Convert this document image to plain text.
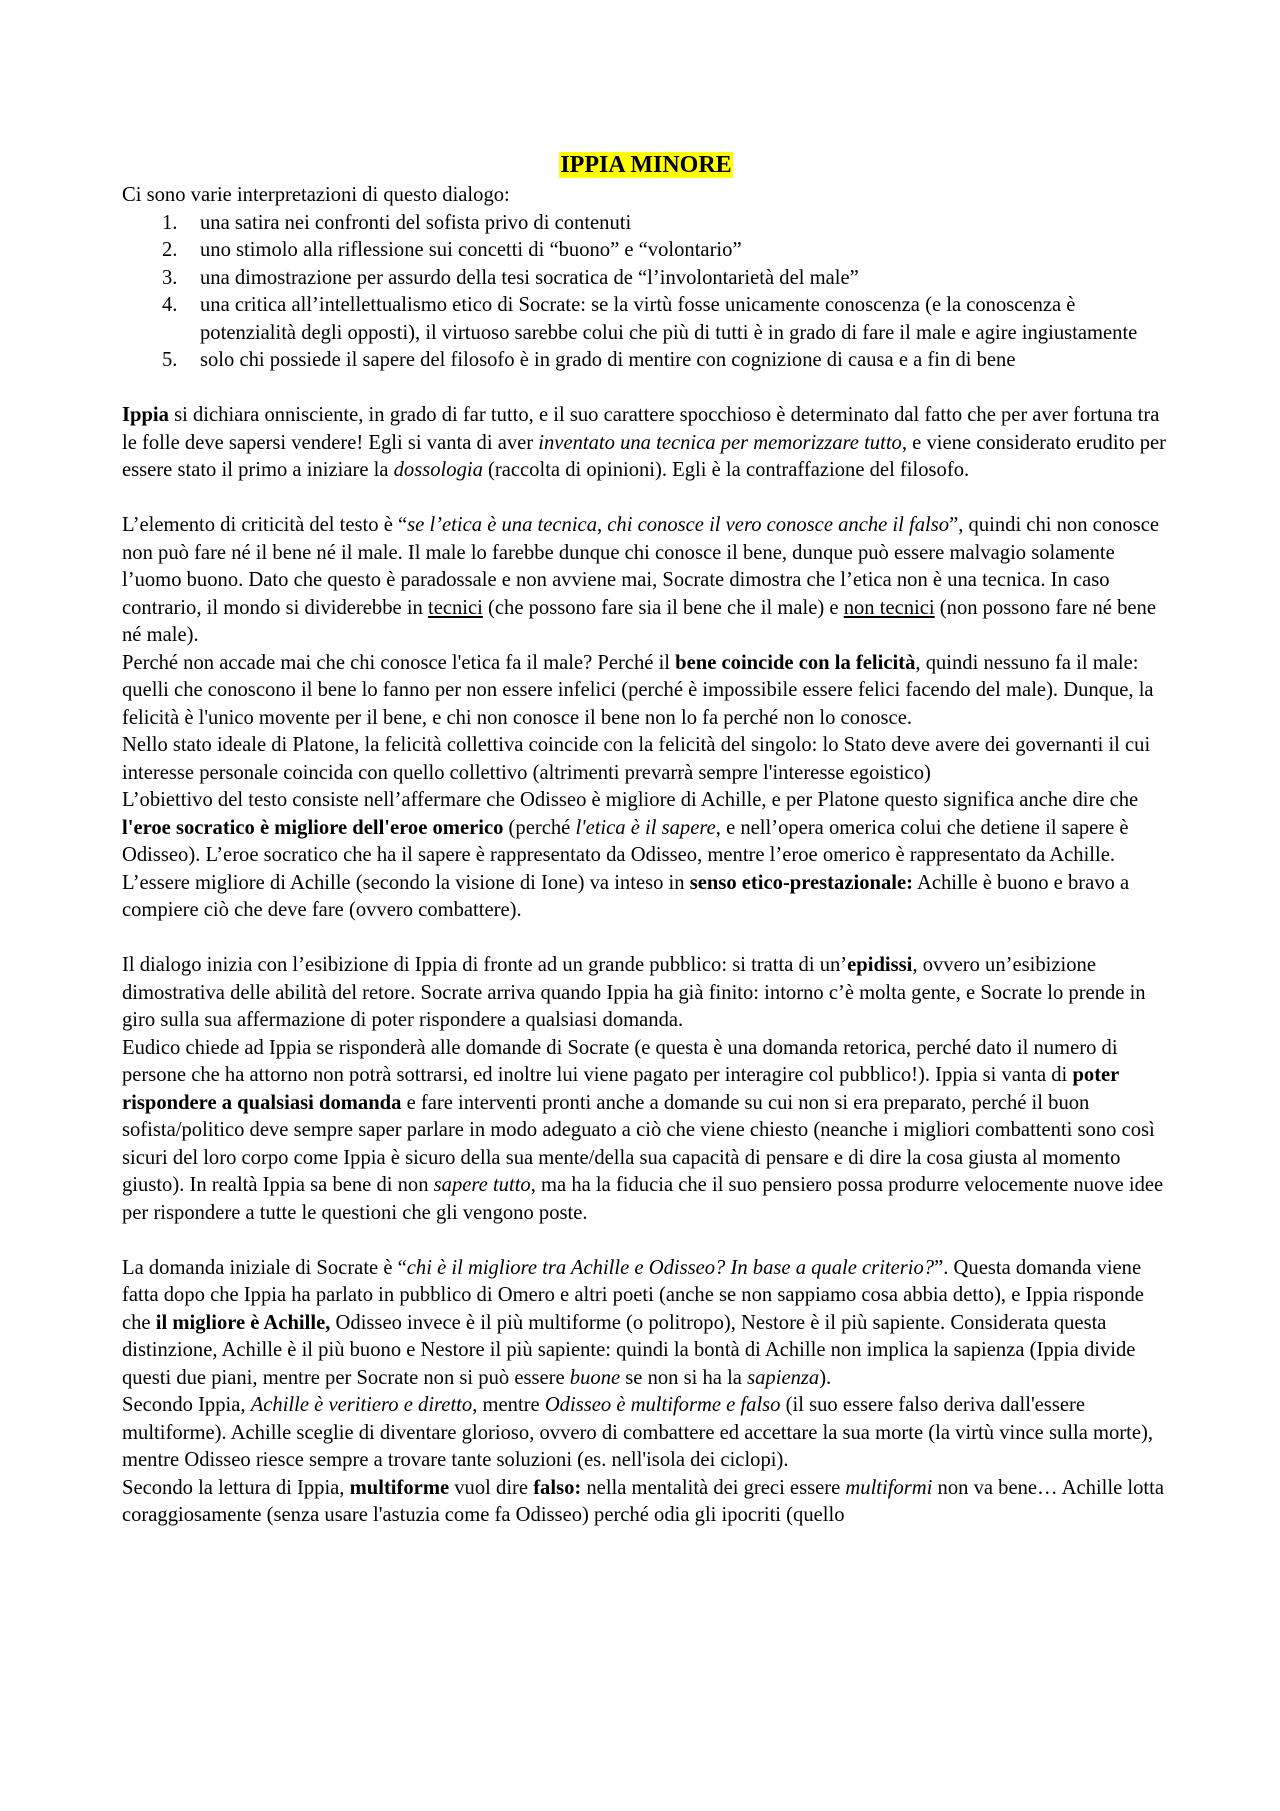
IPPIA MINORE

Ci sono varie interpretazioni di questo dialogo:

1. una satira nei confronti del sofista privo di contenuti
2. uno stimolo alla riflessione sui concetti di “buono” e “volontario”
3. una dimostrazione per assurdo della tesi socratica de “l’involontarietà del male”
4. una critica all’intellettualismo etico di Socrate: se la virtù fosse unicamente conoscenza (e la conoscenza è potenzialità degli opposti), il virtuoso sarebbe colui che più di tutti è in grado di fare il male e agire ingiustamente
5. solo chi possiede il sapere del filosofo è in grado di mentire con cognizione di causa e a fin di bene

Ippia si dichiara onnisciente, in grado di far tutto, e il suo carattere spocchioso è determinato dal fatto che per aver fortuna tra le folle deve sapersi vendere! Egli si vanta di aver inventato una tecnica per memorizzare tutto, e viene considerato erudito per essere stato il primo a iniziare la dossologia (raccolta di opinioni). Egli è la contraffazione del filosofo.

L’elemento di criticità del testo è “se l’etica è una tecnica, chi conosce il vero conosce anche il falso”, quindi chi non conosce non può fare né il bene né il male. Il male lo farebbe dunque chi conosce il bene, dunque può essere malvagio solamente l’uomo buono. Dato che questo è paradossale e non avviene mai, Socrate dimostra che l’etica non è una tecnica. In caso contrario, il mondo si dividerebbe in tecnici (che possono fare sia il bene che il male) e non tecnici (non possono fare né bene né male).

Perché non accade mai che chi conosce l'etica fa il male? Perché il bene coincide con la felicità, quindi nessuno fa il male: quelli che conoscono il bene lo fanno per non essere infelici (perché è impossibile essere felici facendo del male). Dunque, la felicità è l'unico movente per il bene, e chi non conosce il bene non lo fa perché non lo conosce.

Nello stato ideale di Platone, la felicità collettiva coincide con la felicità del singolo: lo Stato deve avere dei governanti il cui interesse personale coincida con quello collettivo (altrimenti prevarrà sempre l'interesse egoistico)

L’obiettivo del testo consiste nell’affermare che Odisseo è migliore di Achille, e per Platone questo significa anche dire che l'eroe socratico è migliore dell'eroe omerico (perché l'etica è il sapere, e nell’opera omerica colui che detiene il sapere è Odisseo). L’eroe socratico che ha il sapere è rappresentato da Odisseo, mentre l’eroe omerico è rappresentato da Achille. L’essere migliore di Achille (secondo la visione di Ione) va inteso in senso etico-prestazionale: Achille è buono e bravo a compiere ciò che deve fare (ovvero combattere).

Il dialogo inizia con l’esibizione di Ippia di fronte ad un grande pubblico: si tratta di un’epidissi, ovvero un’esibizione dimostrativa delle abilità del retore. Socrate arriva quando Ippia ha già finito: intorno c’è molta gente, e Socrate lo prende in giro sulla sua affermazione di poter rispondere a qualsiasi domanda.

Eudico chiede ad Ippia se risponderà alle domande di Socrate (e questa è una domanda retorica, perché dato il numero di persone che ha attorno non potrà sottrarsi, ed inoltre lui viene pagato per interagire col pubblico!). Ippia si vanta di poter rispondere a qualsiasi domanda e fare interventi pronti anche a domande su cui non si era preparato, perché il buon sofista/politico deve sempre saper parlare in modo adeguato a ciò che viene chiesto (neanche i migliori combattenti sono così sicuri del loro corpo come Ippia è sicuro della sua mente/della sua capacità di pensare e di dire la cosa giusta al momento giusto). In realtà Ippia sa bene di non sapere tutto, ma ha la fiducia che il suo pensiero possa produrre velocemente nuove idee per rispondere a tutte le questioni che gli vengono poste.

La domanda iniziale di Socrate è “chi è il migliore tra Achille e Odisseo? In base a quale criterio?”. Questa domanda viene fatta dopo che Ippia ha parlato in pubblico di Omero e altri poeti (anche se non sappiamo cosa abbia detto), e Ippia risponde che il migliore è Achille, Odisseo invece è il più multiforme (o politropo), Nestore è il più sapiente. Considerata questa distinzione, Achille è il più buono e Nestore il più sapiente: quindi la bontà di Achille non implica la sapienza (Ippia divide questi due piani, mentre per Socrate non si può essere buone se non si ha la sapienza).

Secondo Ippia, Achille è veritiero e diretto, mentre Odisseo è multiforme e falso (il suo essere falso deriva dall'essere multiforme). Achille sceglie di diventare glorioso, ovvero di combattere ed accettare la sua morte (la virtù vince sulla morte), mentre Odisseo riesce sempre a trovare tante soluzioni (es. nell'isola dei ciclopi).

Secondo la lettura di Ippia, multiforme vuol dire falso: nella mentalità dei greci essere multiformi non va bene… Achille lotta coraggiosamente (senza usare l'astuzia come fa Odisseo) perché odia gli ipocriti (quello
